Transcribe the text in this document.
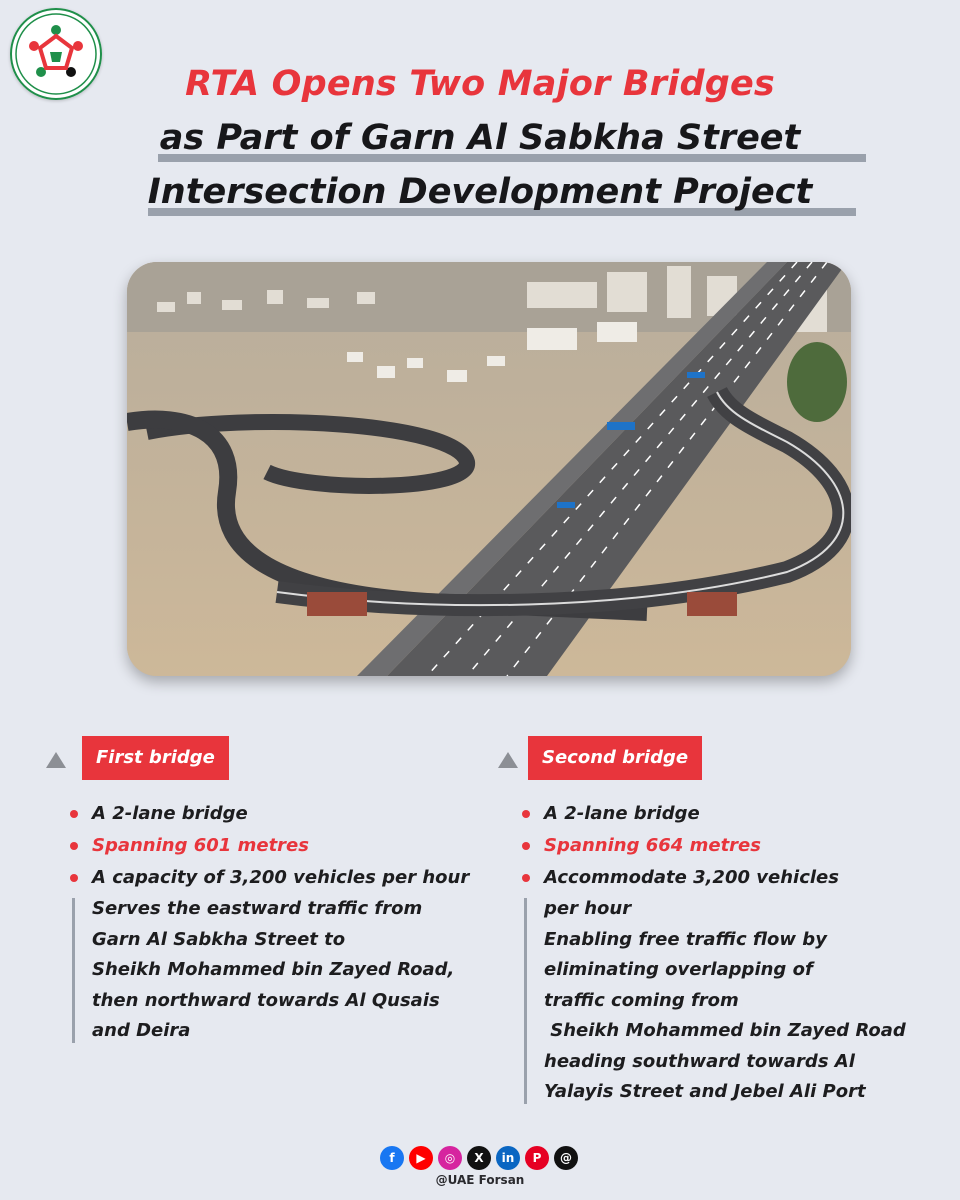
RTA Opens Two Major Bridges
as Part of Garn Al Sabkha Street
Intersection Development Project
First bridge
A 2-lane bridge
Spanning 601 metres
A capacity of 3,200 vehicles per hour
Serves the eastward traffic from
Garn Al Sabkha Street to
Sheikh Mohammed bin Zayed Road,
then northward towards Al Qusais
and Deira
Second bridge
A 2-lane bridge
Spanning 664 metres
Accommodate 3,200 vehicles
per hour
Enabling free traffic flow by
eliminating overlapping of
traffic coming from
Sheikh Mohammed bin Zayed Road
heading southward towards Al
Yalayis Street and Jebel Ali Port
f	▶	◎	X	in	P	@
@UAE Forsan
